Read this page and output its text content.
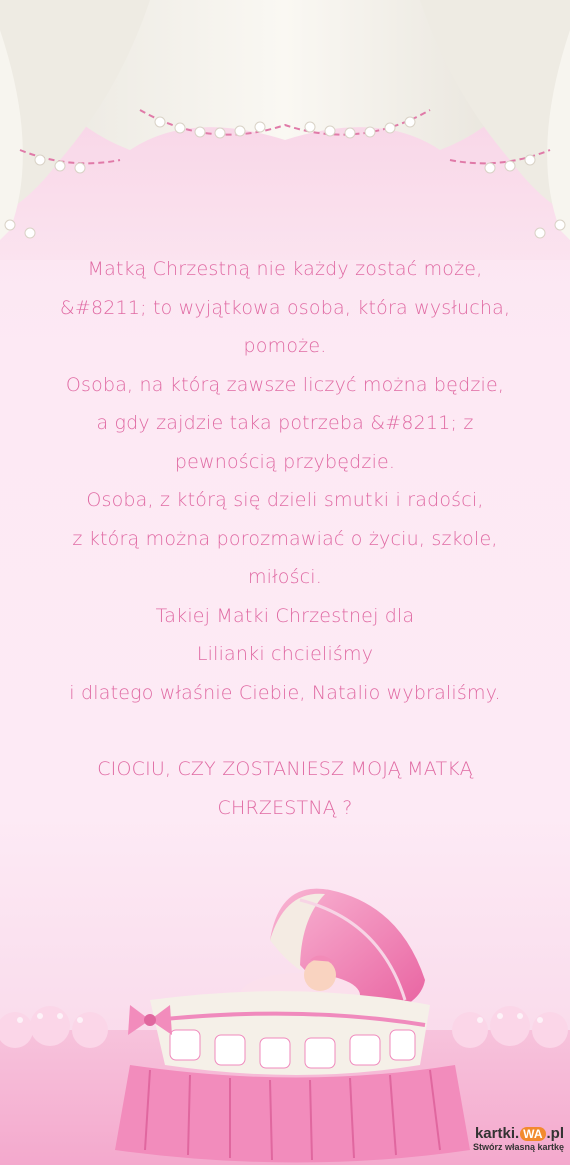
Matką Chrzestną nie każdy zostać może,
&#8211; to wyjątkowa osoba, która wysłucha,
pomoże.
Osoba, na którą zawsze liczyć można będzie,
a gdy zajdzie taka potrzeba &#8211; z
pewnością przybędzie.
Osoba, z którą się dzieli smutki i radości,
z którą można porozmawiać o życiu, szkole,
miłości.
Takiej Matki Chrzestnej dla
Lilianki chcieliśmy
i dlatego właśnie Ciebie, Natalio wybraliśmy.
CIOCIU, CZY ZOSTANIESZ MOJĄ MATKĄ
CHRZESTNĄ ?
kartki. WA .pl
Stwórz własną kartkę
